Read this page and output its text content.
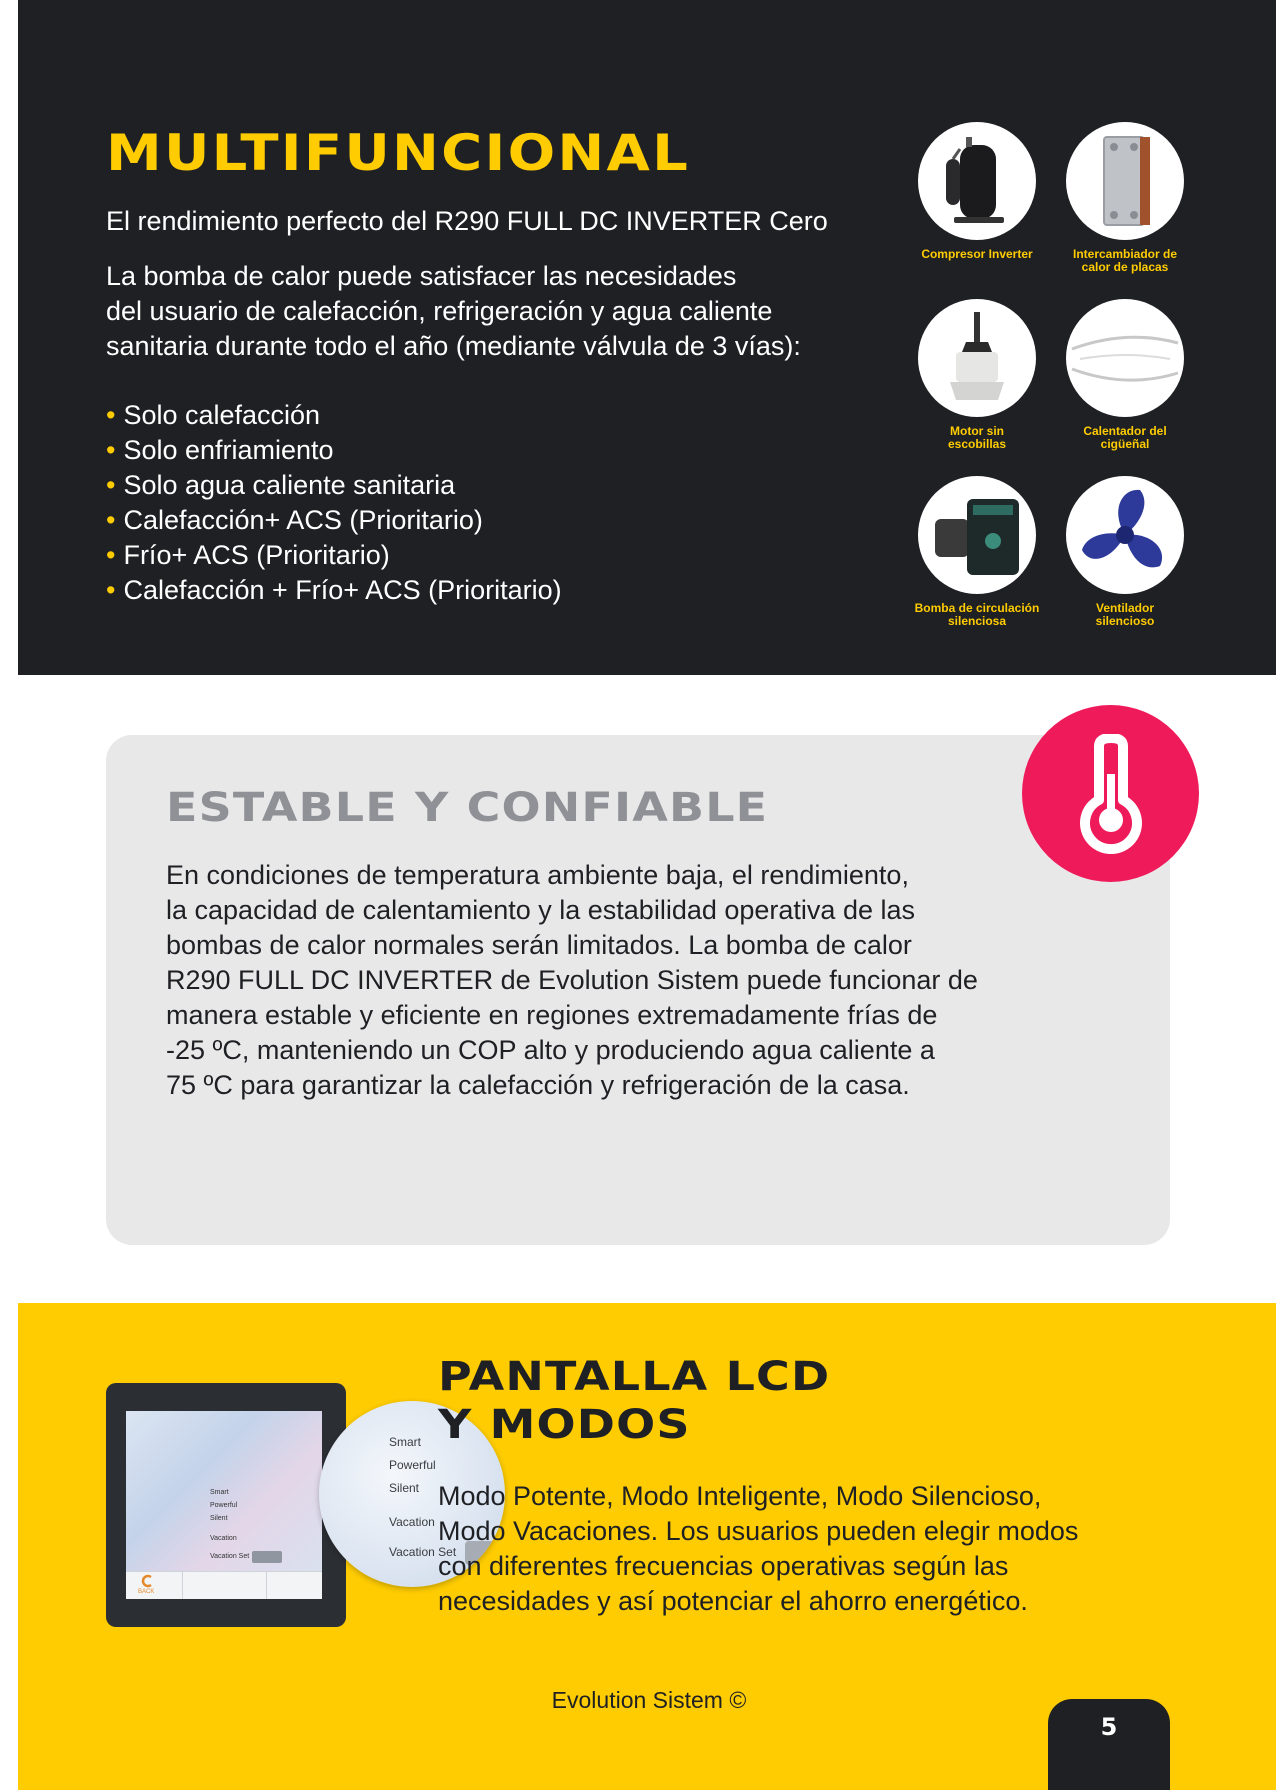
MULTIFUNCIONAL
El rendimiento perfecto del R290 FULL DC INVERTER Cero
La bomba de calor puede satisfacer las necesidades
del usuario de calefacción, refrigeración y agua caliente
sanitaria durante todo el año (mediante válvula de 3 vías):
• Solo calefacción
• Solo enfriamiento
• Solo agua caliente sanitaria
• Calefacción+ ACS (Prioritario)
• Frío+ ACS (Prioritario)
• Calefacción + Frío+ ACS (Prioritario)
Compresor Inverter	Intercambiador de
calor de placas
Motor sin
escobillas
Calentador del
cigüeñal
Bomba de circulación
silenciosa
Ventilador
silencioso
ESTABLE Y CONFIABLE
En condiciones de temperatura ambiente baja, el rendimiento,
la capacidad de calentamiento y la estabilidad operativa de las
bombas de calor normales serán limitados. La bomba de calor
R290 FULL DC INVERTER de Evolution Sistem puede funcionar de
manera estable y eficiente en regiones extremadamente frías de
-25 ºC, manteniendo un COP alto y produciendo agua caliente a
75 ºC para garantizar la calefacción y refrigeración de la casa.
Smart
Powerful
Silent
Vacation
Vacation Set
BACK
Smart
Powerful
Silent
Vacation
Vacation Set
PANTALLA LCD
Y MODOS
Modo Potente, Modo Inteligente, Modo Silencioso,
Modo Vacaciones. Los usuarios pueden elegir modos
con diferentes frecuencias operativas según las
necesidades y así potenciar el ahorro energético.
Evolution Sistem ©
5
